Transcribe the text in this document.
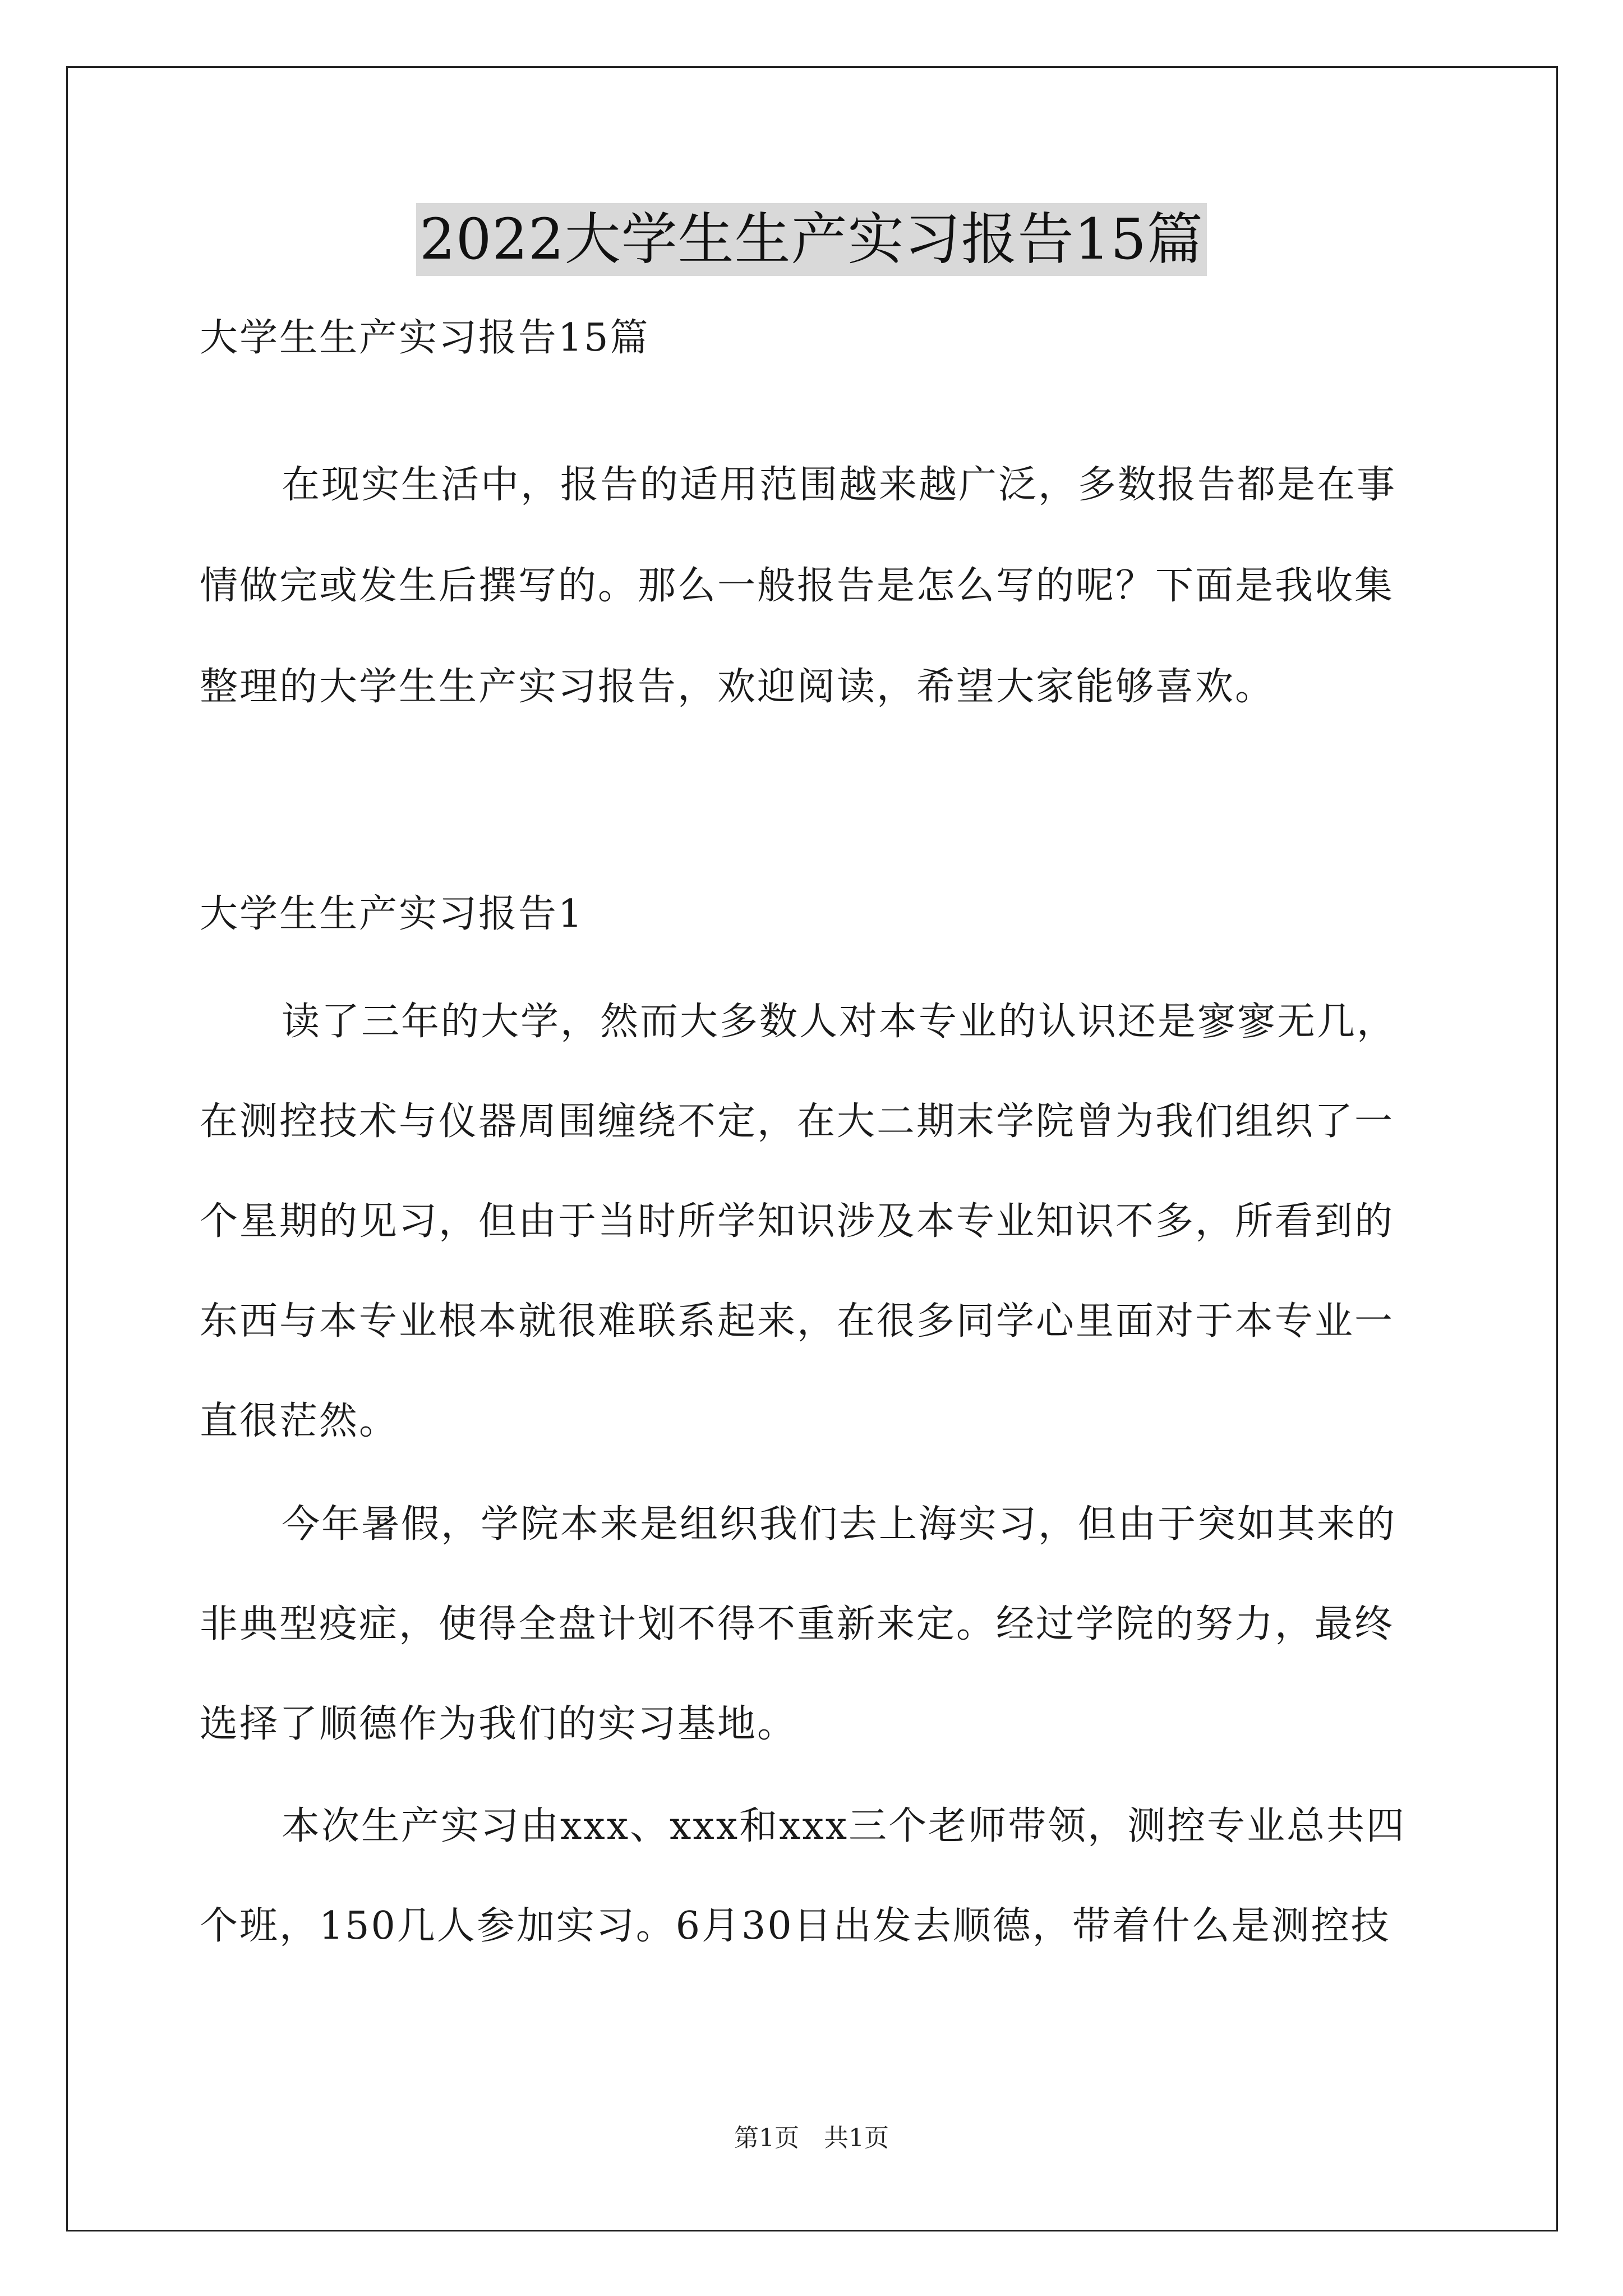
2022大学生生产实习报告15篇
大学生生产实习报告15篇
在现实生活中，报告的适用范围越来越广泛，多数报告都是在事
情做完或发生后撰写的。那么一般报告是怎么写的呢？下面是我收集
整理的大学生生产实习报告，欢迎阅读，希望大家能够喜欢。
大学生生产实习报告1
读了三年的大学，然而大多数人对本专业的认识还是寥寥无几，
在测控技术与仪器周围缠绕不定，在大二期末学院曾为我们组织了一
个星期的见习，但由于当时所学知识涉及本专业知识不多，所看到的
东西与本专业根本就很难联系起来，在很多同学心里面对于本专业一
直很茫然。
今年暑假，学院本来是组织我们去上海实习，但由于突如其来的
非典型疫症，使得全盘计划不得不重新来定。经过学院的努力，最终
选择了顺德作为我们的实习基地。
本次生产实习由xxx、xxx和xxx三个老师带领，测控专业总共四
个班，150几人参加实习。6月30日出发去顺德，带着什么是测控技
第1页　共1页
